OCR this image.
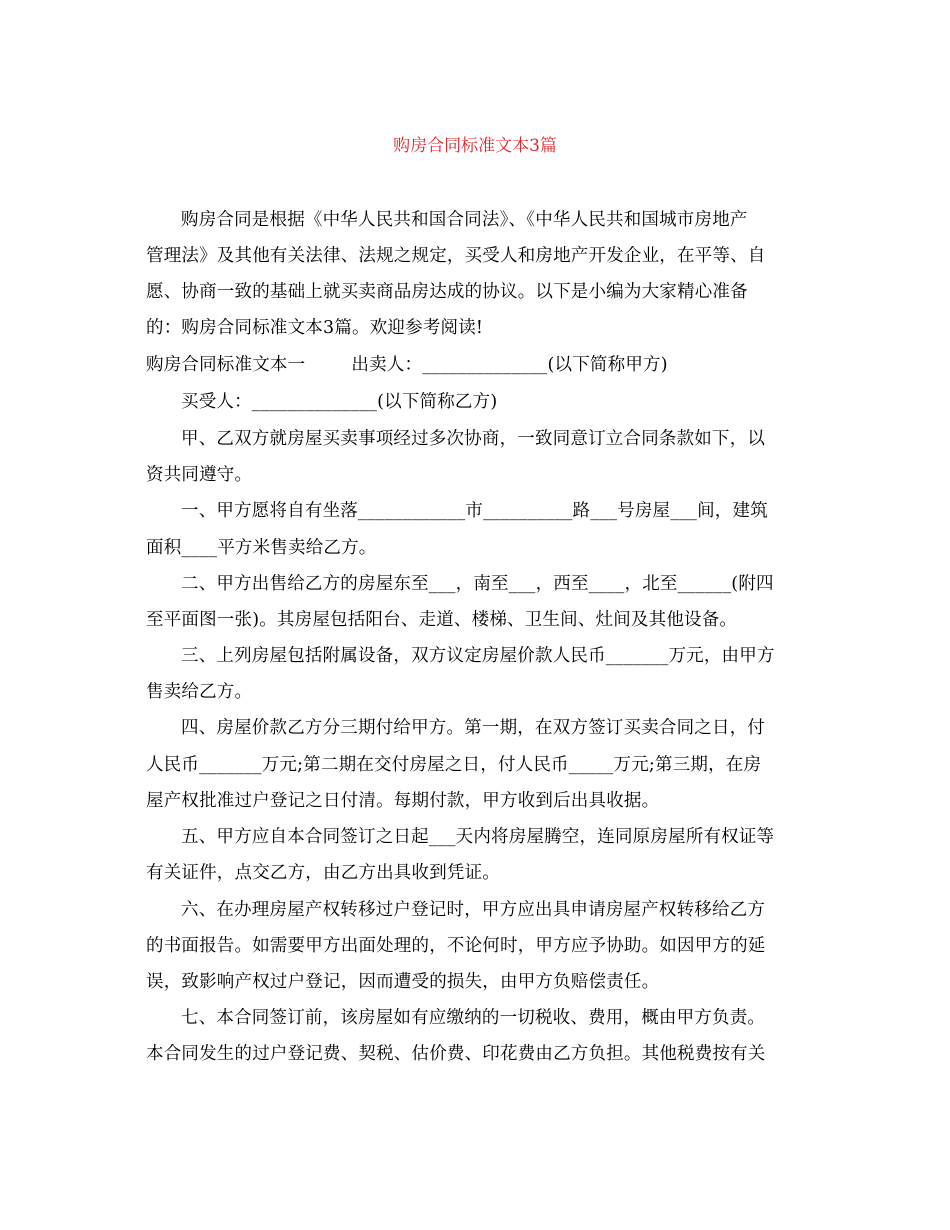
购房合同标准文本3篇
购房合同是根据《中华人民共和国合同法》、《中华人民共和国城市房地产
管理法》及其他有关法律、法规之规定，买受人和房地产开发企业，在平等、自
愿、协商一致的基础上就买卖商品房达成的协议。以下是小编为大家精心准备
的：购房合同标准文本3篇。欢迎参考阅读!
购房合同标准文本一        出卖人：______________(以下简称甲方)
买受人：______________(以下简称乙方)
甲、乙双方就房屋买卖事项经过多次协商，一致同意订立合同条款如下，以
资共同遵守。
一、甲方愿将自有坐落____________市__________路___号房屋___间，建筑
面积____平方米售卖给乙方。
二、甲方出售给乙方的房屋东至___，南至___，西至____，北至______(附四
至平面图一张)。其房屋包括阳台、走道、楼梯、卫生间、灶间及其他设备。
三、上列房屋包括附属设备，双方议定房屋价款人民币_______万元，由甲方
售卖给乙方。
四、房屋价款乙方分三期付给甲方。第一期，在双方签订买卖合同之日，付
人民币_______万元;第二期在交付房屋之日，付人民币_____万元;第三期，在房
屋产权批准过户登记之日付清。每期付款，甲方收到后出具收据。
五、甲方应自本合同签订之日起___天内将房屋腾空，连同原房屋所有权证等
有关证件，点交乙方，由乙方出具收到凭证。
六、在办理房屋产权转移过户登记时，甲方应出具申请房屋产权转移给乙方
的书面报告。如需要甲方出面处理的，不论何时，甲方应予协助。如因甲方的延
误，致影响产权过户登记，因而遭受的损失，由甲方负赔偿责任。
七、本合同签订前，该房屋如有应缴纳的一切税收、费用，概由甲方负责。
本合同发生的过户登记费、契税、估价费、印花费由乙方负担。其他税费按有关
